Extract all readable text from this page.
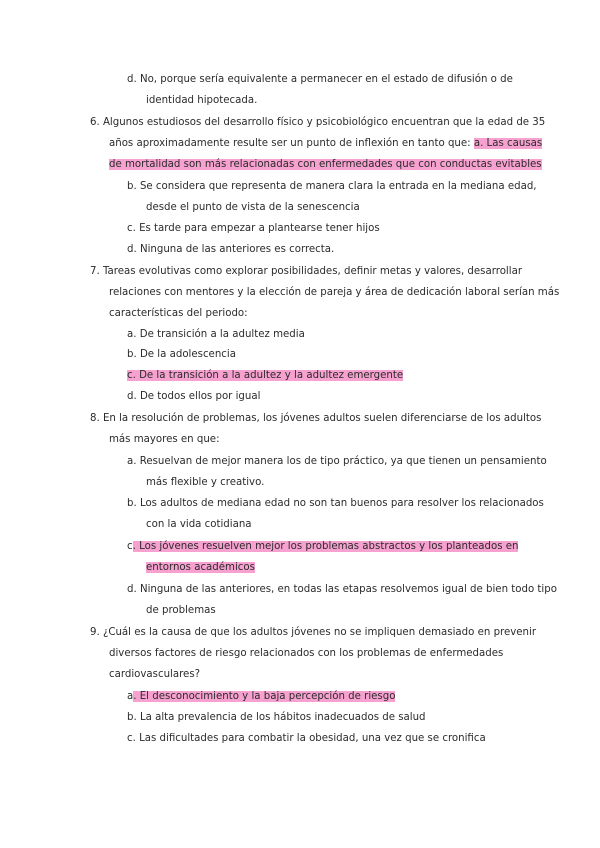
d. No, porque sería equivalente a permanecer en el estado de difusión o de
identidad hipotecada.
6. Algunos estudiosos del desarrollo físico y psicobiológico encuentran que la edad de 35
años aproximadamente resulte ser un punto de inflexión en tanto que: a. Las causas
de mortalidad son más relacionadas con enfermedades que con conductas evitables
b. Se considera que representa de manera clara la entrada en la mediana edad,
desde el punto de vista de la senescencia
c. Es tarde para empezar a plantearse tener hijos
d. Ninguna de las anteriores es correcta.
7. Tareas evolutivas como explorar posibilidades, definir metas y valores, desarrollar
relaciones con mentores y la elección de pareja y área de dedicación laboral serían más
características del periodo:
a. De transición a la adultez media
b. De la adolescencia
c. De la transición a la adultez y la adultez emergente
d. De todos ellos por igual
8. En la resolución de problemas, los jóvenes adultos suelen diferenciarse de los adultos
más mayores en que:
a. Resuelvan de mejor manera los de tipo práctico, ya que tienen un pensamiento
más flexible y creativo.
b. Los adultos de mediana edad no son tan buenos para resolver los relacionados
con la vida cotidiana
c. Los jóvenes resuelven mejor los problemas abstractos y los planteados en
entornos académicos
d. Ninguna de las anteriores, en todas las etapas resolvemos igual de bien todo tipo
de problemas
9. ¿Cuál es la causa de que los adultos jóvenes no se impliquen demasiado en prevenir
diversos factores de riesgo relacionados con los problemas de enfermedades
cardiovasculares?
a. El desconocimiento y la baja percepción de riesgo
b. La alta prevalencia de los hábitos inadecuados de salud
c. Las dificultades para combatir la obesidad, una vez que se cronifica
